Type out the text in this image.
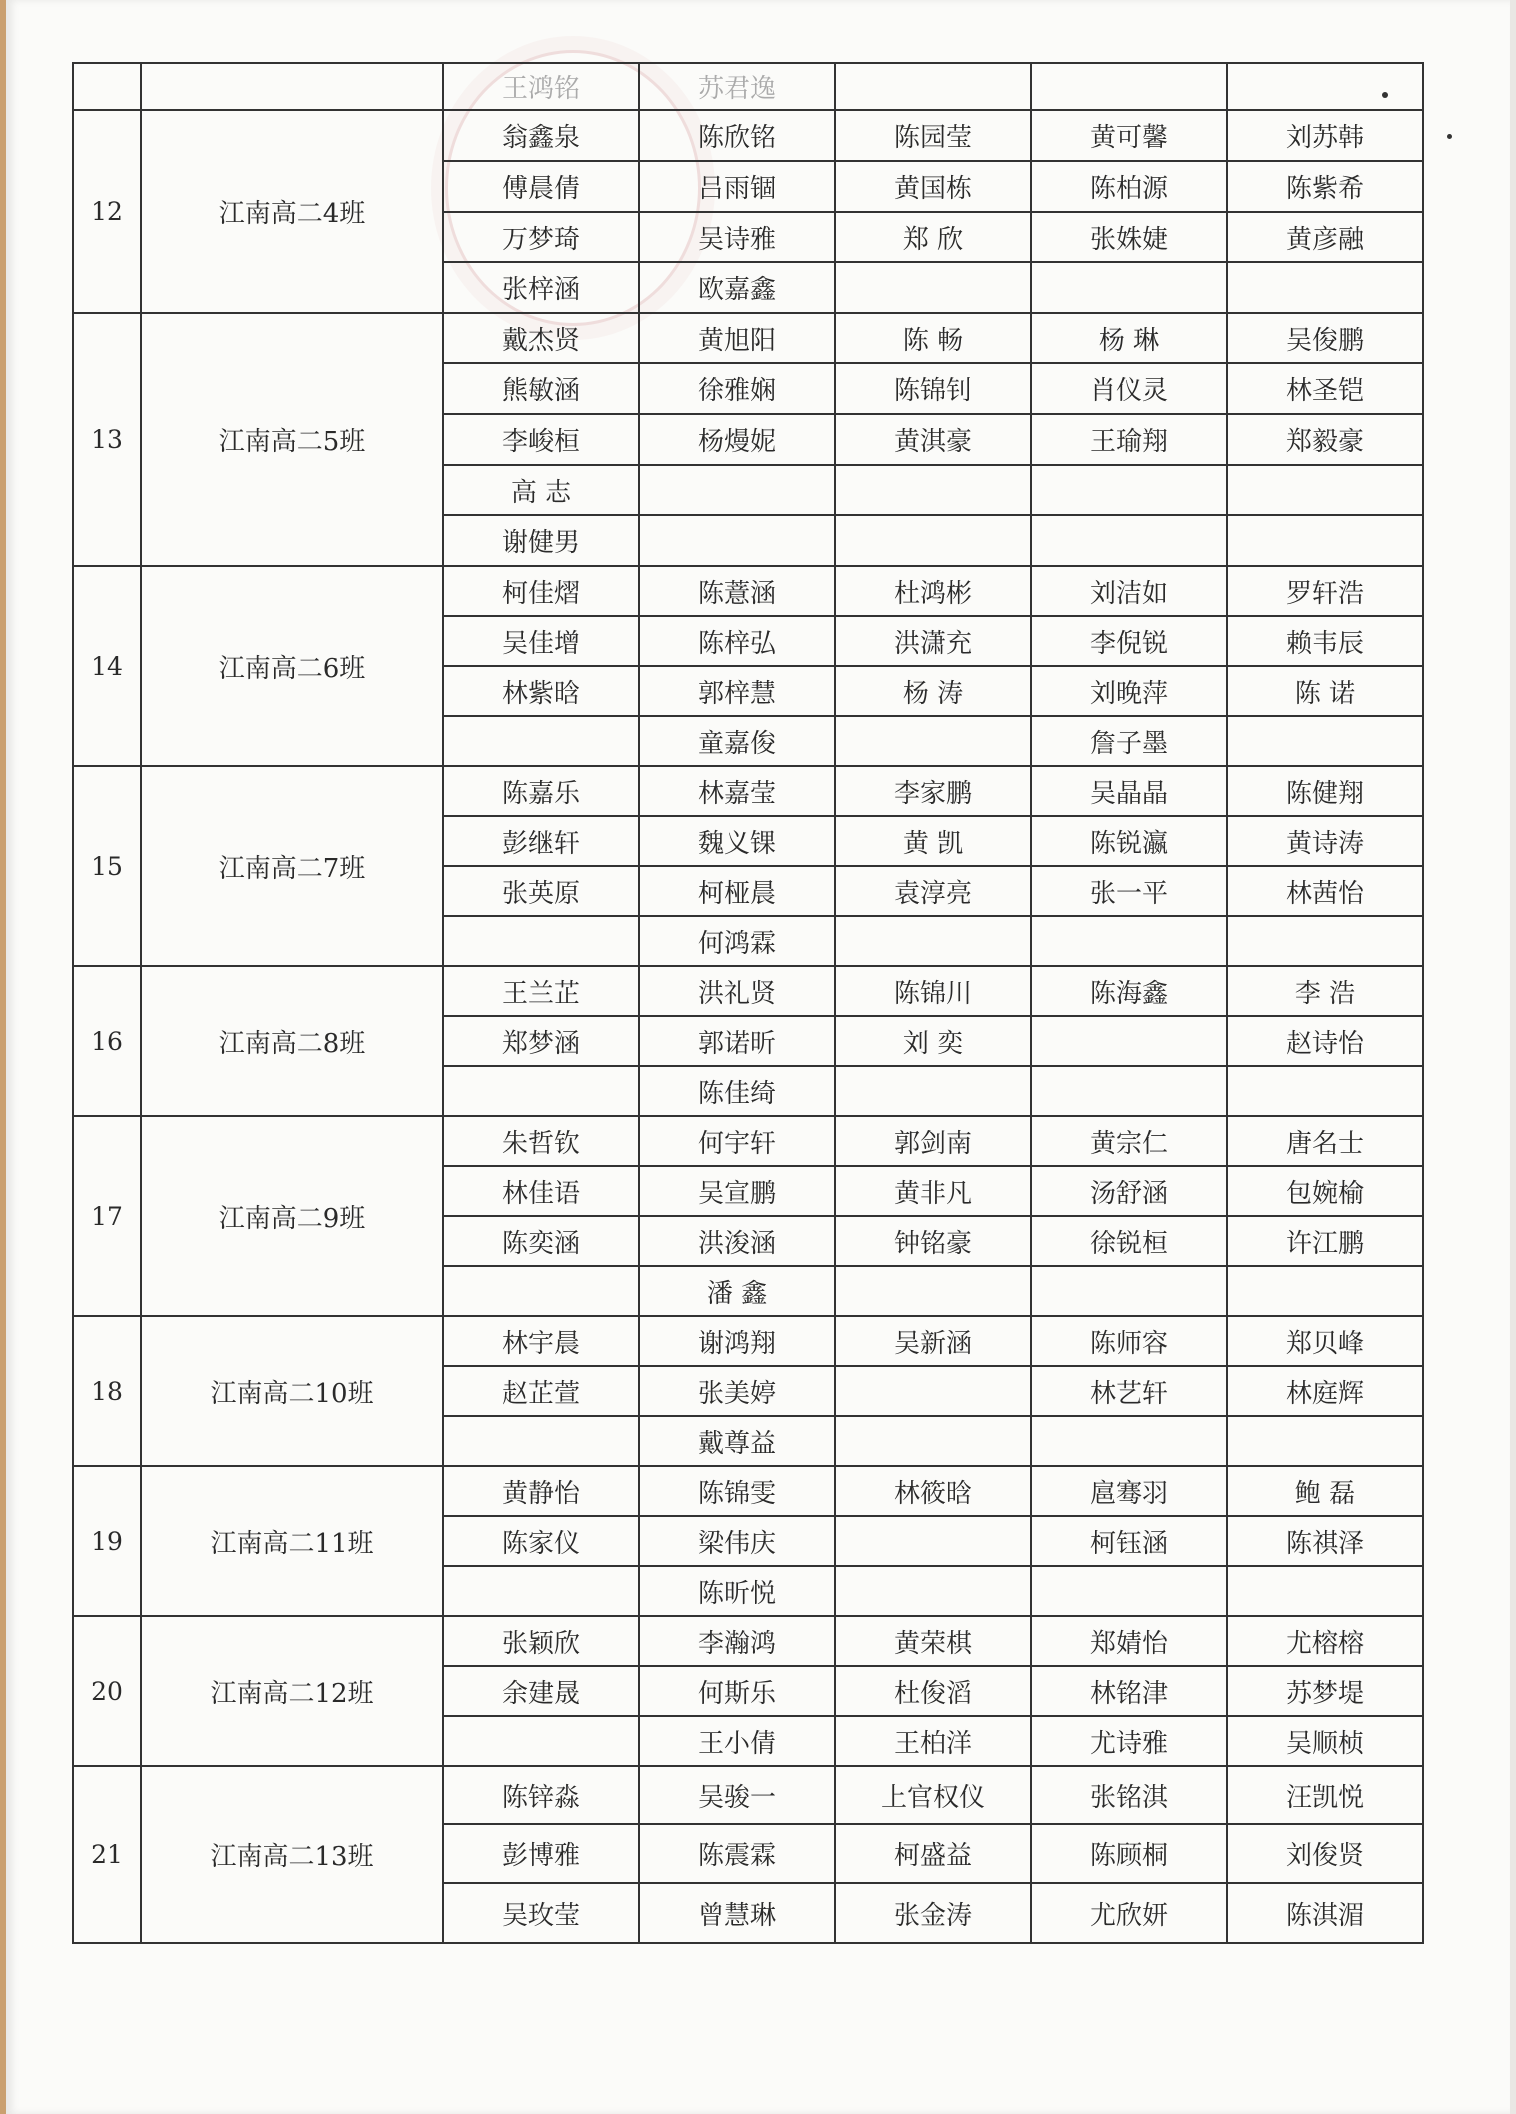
		王鸿铭	苏君逸			
12	江南高二4班	翁鑫泉	陈欣铭	陈园莹	黄可馨	刘苏韩
		傅晨倩	吕雨锢	黄国栋	陈柏源	陈紫希
		万梦琦	吴诗雅	郑 欣	张姝婕	黄彦融
		张梓涵	欧嘉鑫			
13	江南高二5班	戴杰贤	黄旭阳	陈 畅	杨 琳	吴俊鹏
		熊敏涵	徐雅娴	陈锦钊	肖仪灵	林圣铠
		李峻桓	杨熳妮	黄淇豪	王瑜翔	郑毅豪
		高 志				
		谢健男				
14	江南高二6班	柯佳熠	陈薏涵	杜鸿彬	刘洁如	罗轩浩
		吴佳增	陈梓弘	洪潇充	李倪锐	赖韦辰
		林紫晗	郭梓慧	杨 涛	刘晚萍	陈 诺
			童嘉俊		詹子墨	
15	江南高二7班	陈嘉乐	林嘉莹	李家鹏	吴晶晶	陈健翔
		彭继轩	魏义锞	黄 凯	陈锐瀛	黄诗涛
		张英原	柯桠晨	袁淳亮	张一平	林茜怡
			何鸿霖			
16	江南高二8班	王兰芷	洪礼贤	陈锦川	陈海鑫	李 浩
		郑梦涵	郭诺昕	刘 奕		赵诗怡
			陈佳绮			
17	江南高二9班	朱哲钦	何宇轩	郭剑南	黄宗仁	唐名士
		林佳语	吴宣鹏	黄非凡	汤舒涵	包婉榆
		陈奕涵	洪浚涵	钟铭豪	徐锐桓	许江鹏
			潘 鑫			
18	江南高二10班	林宇晨	谢鸿翔	吴新涵	陈师容	郑贝峰
		赵芷萱	张美婷		林艺轩	林庭辉
			戴尊益			
19	江南高二11班	黄静怡	陈锦雯	林筱晗	扈骞羽	鲍 磊
		陈家仪	梁伟庆		柯钰涵	陈祺泽
			陈昕悦			
20	江南高二12班	张颖欣	李瀚鸿	黄荣棋	郑婧怡	尤榕榕
		余建晟	何斯乐	杜俊滔	林铭津	苏梦堤
			王小倩	王柏洋	尤诗雅	吴顺桢
21	江南高二13班	陈锌淼	吴骏一	上官权仪	张铭淇	汪凯悦
		彭博雅	陈震霖	柯盛益	陈顾桐	刘俊贤
		吴玫莹	曾慧琳	张金涛	尤欣妍	陈淇湄
